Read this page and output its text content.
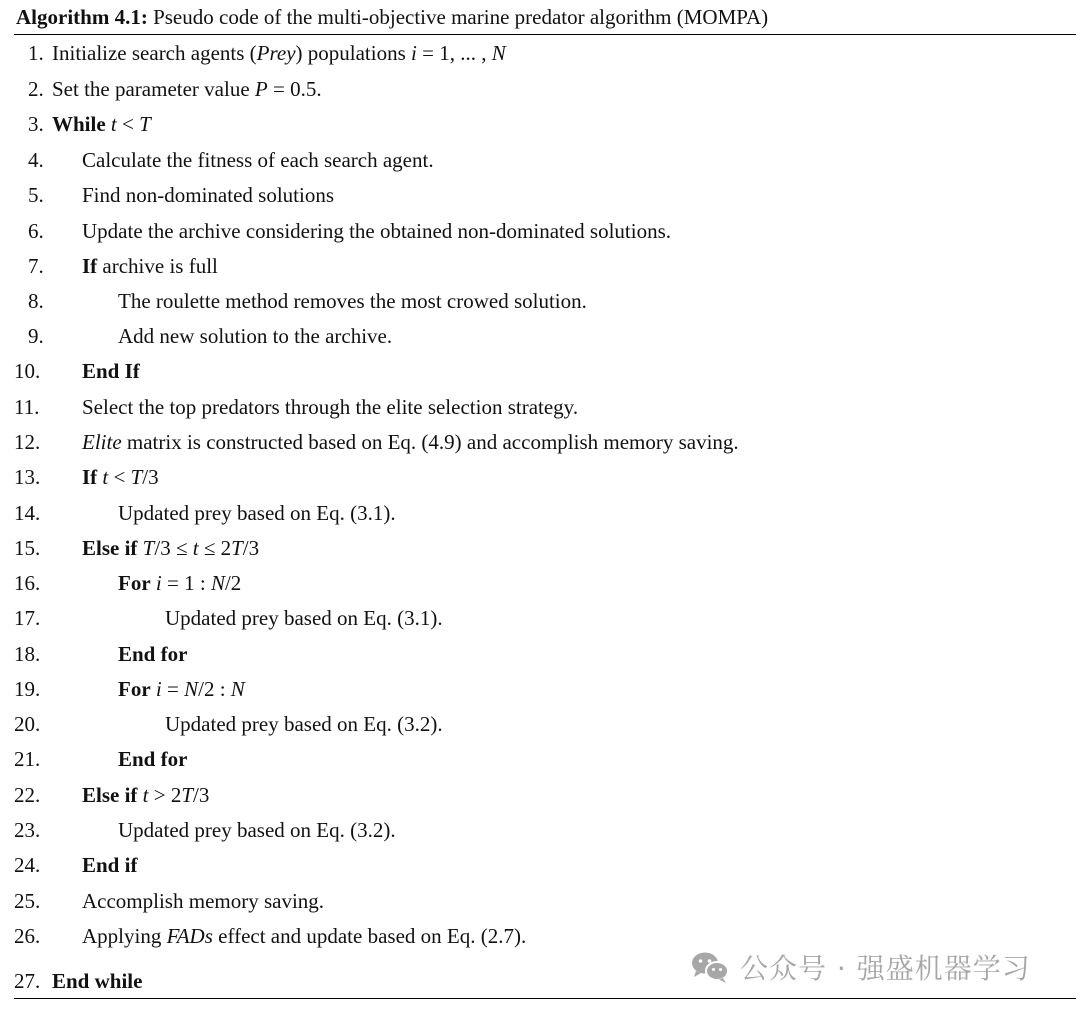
Algorithm 4.1: Pseudo code of the multi-objective marine predator algorithm (MOMPA)
1. Initialize search agents (Prey) populations i = 1, ... , N
2. Set the parameter value P = 0.5.
3. While t < T
4. Calculate the fitness of each search agent.
5. Find non-dominated solutions
6. Update the archive considering the obtained non-dominated solutions.
7. If archive is full
8.	The roulette method removes the most crowed solution.
9.	Add new solution to the archive.
10. End If
11. Select the top predators through the elite selection strategy.
12. Elite matrix is constructed based on Eq. (4.9) and accomplish memory saving.
13. If t < T/3
14.	Updated prey based on Eq. (3.1).
15. Else if T/3 ≤ t ≤ 2T/3
16.	For i = 1 : N/2
17.	Updated prey based on Eq. (3.1).
18.	End for
19.	For i = N/2 : N
20.	Updated prey based on Eq. (3.2).
21.	End for
22. Else if t > 2T/3
23.	Updated prey based on Eq. (3.2).
24. End if
25. Accomplish memory saving.
26. Applying FADs effect and update based on Eq. (2.7).
27. End while	公众号 · 强盛机器学习
